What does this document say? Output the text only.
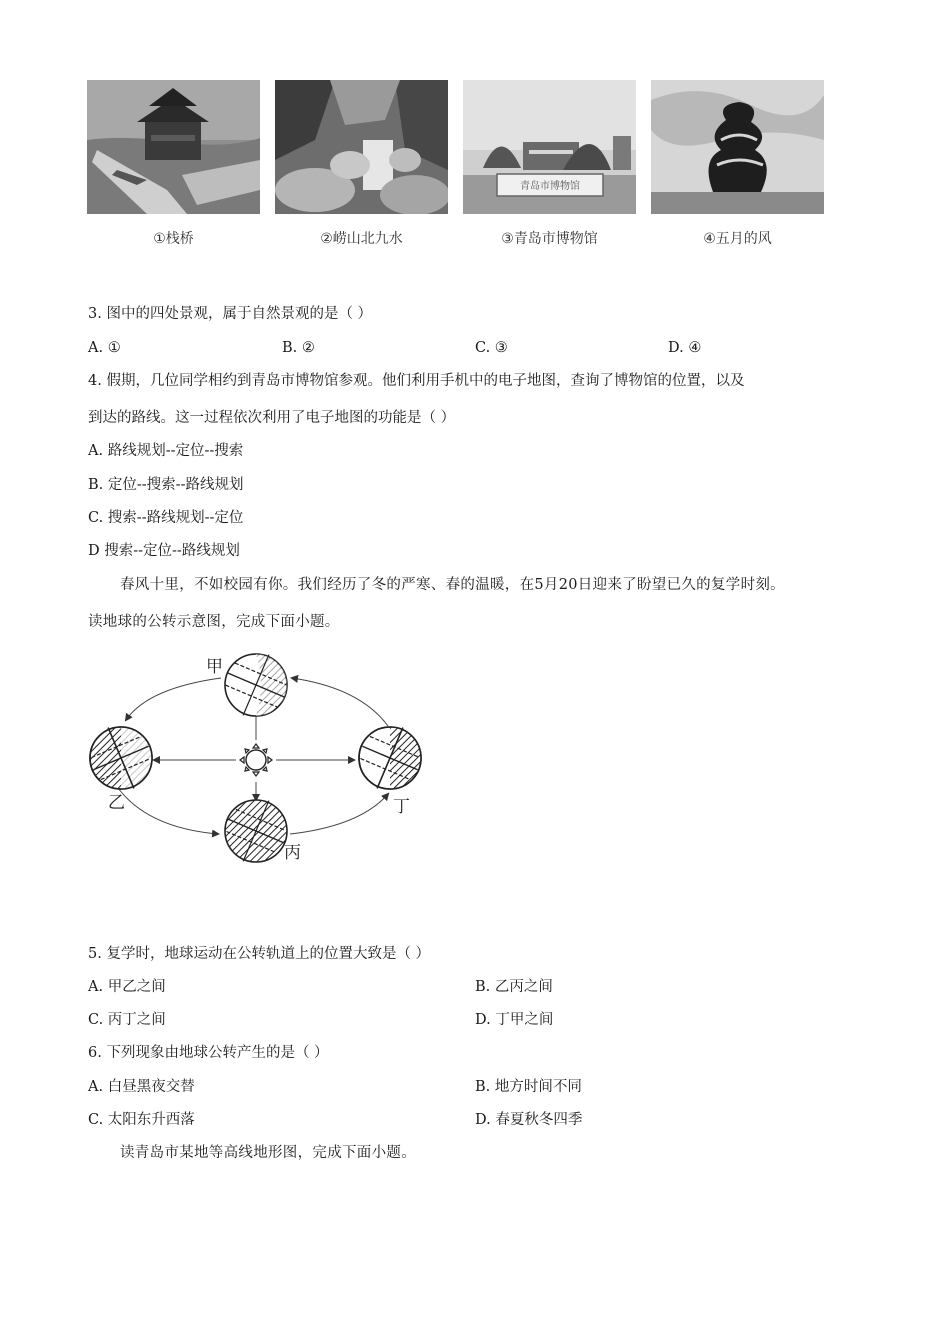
青岛市博物馆
①栈桥	②崂山北九水	③青岛市博物馆	④五月的风
3. 图中的四处景观，属于自然景观的是（ ）
A. ①	B. ②	C. ③	D. ④
4. 假期，几位同学相约到青岛市博物馆参观。他们利用手机中的电子地图，查询了博物馆的位置，以及
到达的路线。这一过程依次利用了电子地图的功能是（ ）
A. 路线规划--定位--搜索
B. 定位--搜索--路线规划
C. 搜索--路线规划--定位
D 搜索--定位--路线规划
春风十里，不如校园有你。我们经历了冬的严寒、春的温暖，在5月20日迎来了盼望已久的复学时刻。
读地球的公转示意图，完成下面小题。
甲
乙
丙
丁
5. 复学时，地球运动在公转轨道上的位置大致是（ ）
A. 甲乙之间	B. 乙丙之间
C. 丙丁之间	D. 丁甲之间
6. 下列现象由地球公转产生的是（ ）
A. 白昼黑夜交替	B. 地方时间不同
C. 太阳东升西落	D. 春夏秋冬四季
读青岛市某地等高线地形图，完成下面小题。
